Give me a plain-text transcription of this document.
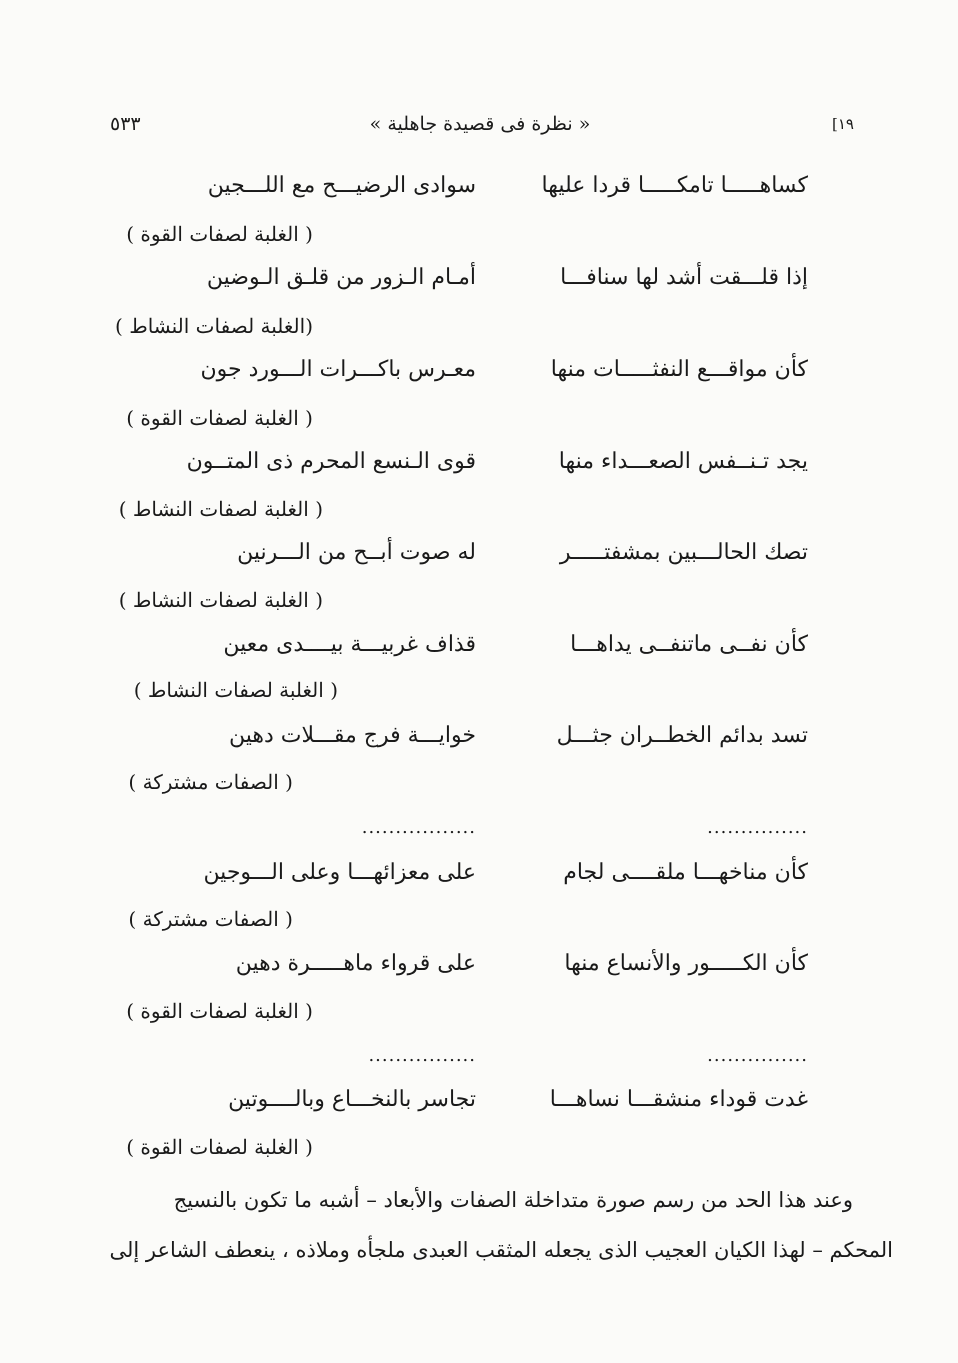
٥٣٣	« نظرة فى قصيدة جاهلية »	[١٩
كساهـــــا تامكـــــا قردا عليها
سوادى الرضيـــح مع اللـــجين
( الغلبة لصفات القوة )
إذا قلـــقت أشد لها سنافـــا
أمـام الـزور من قلـق الـوضين
(الغلبة لصفات النشاط )
كأن مواقـــع النفثـــــات منها
معـرس باكـــرات الـــورد جون
( الغلبة لصفات القوة )
يجد تـنــفس الصعـــداء منها
قوى الـنسع المحرم ذى المتــون
( الغلبة لصفات النشاط )
تصك الحالـــبين بمشفتـــــر
له صوت أبــح من الـــرنين
( الغلبة لصفات النشاط )
كأن نفــى ماتنفــى يداهـــا
قذاف غربيـــة بيــــدى معين
( الغلبة لصفات النشاط )
تسد بدائم الخطــران جثـــل
خوايـــة فرج مقـــلات دهين
( الصفات مشتركة )
...............
.................
كأن مناخهـــا ملقــــى لجام
على معزائهـــا وعلى الـــوجين
( الصفات مشتركة )
كأن الكـــــور والأنساع منها
على قرواء ماهـــــرة دهين
( الغلبة لصفات القوة )
...............
................
غدت قوداء منشقـــا نساهـــا
تجاسر بالنخـــاع وبالــــوتين
( الغلبة لصفات القوة )
وعند هذا الحد من رسم صورة متداخلة الصفات والأبعاد – أشبه ما تكون بالنسيج
المحكم – لهذا الكيان العجيب الذى يجعله المثقب العبدى ملجأه وملاذه ، ينعطف الشاعر إلى
